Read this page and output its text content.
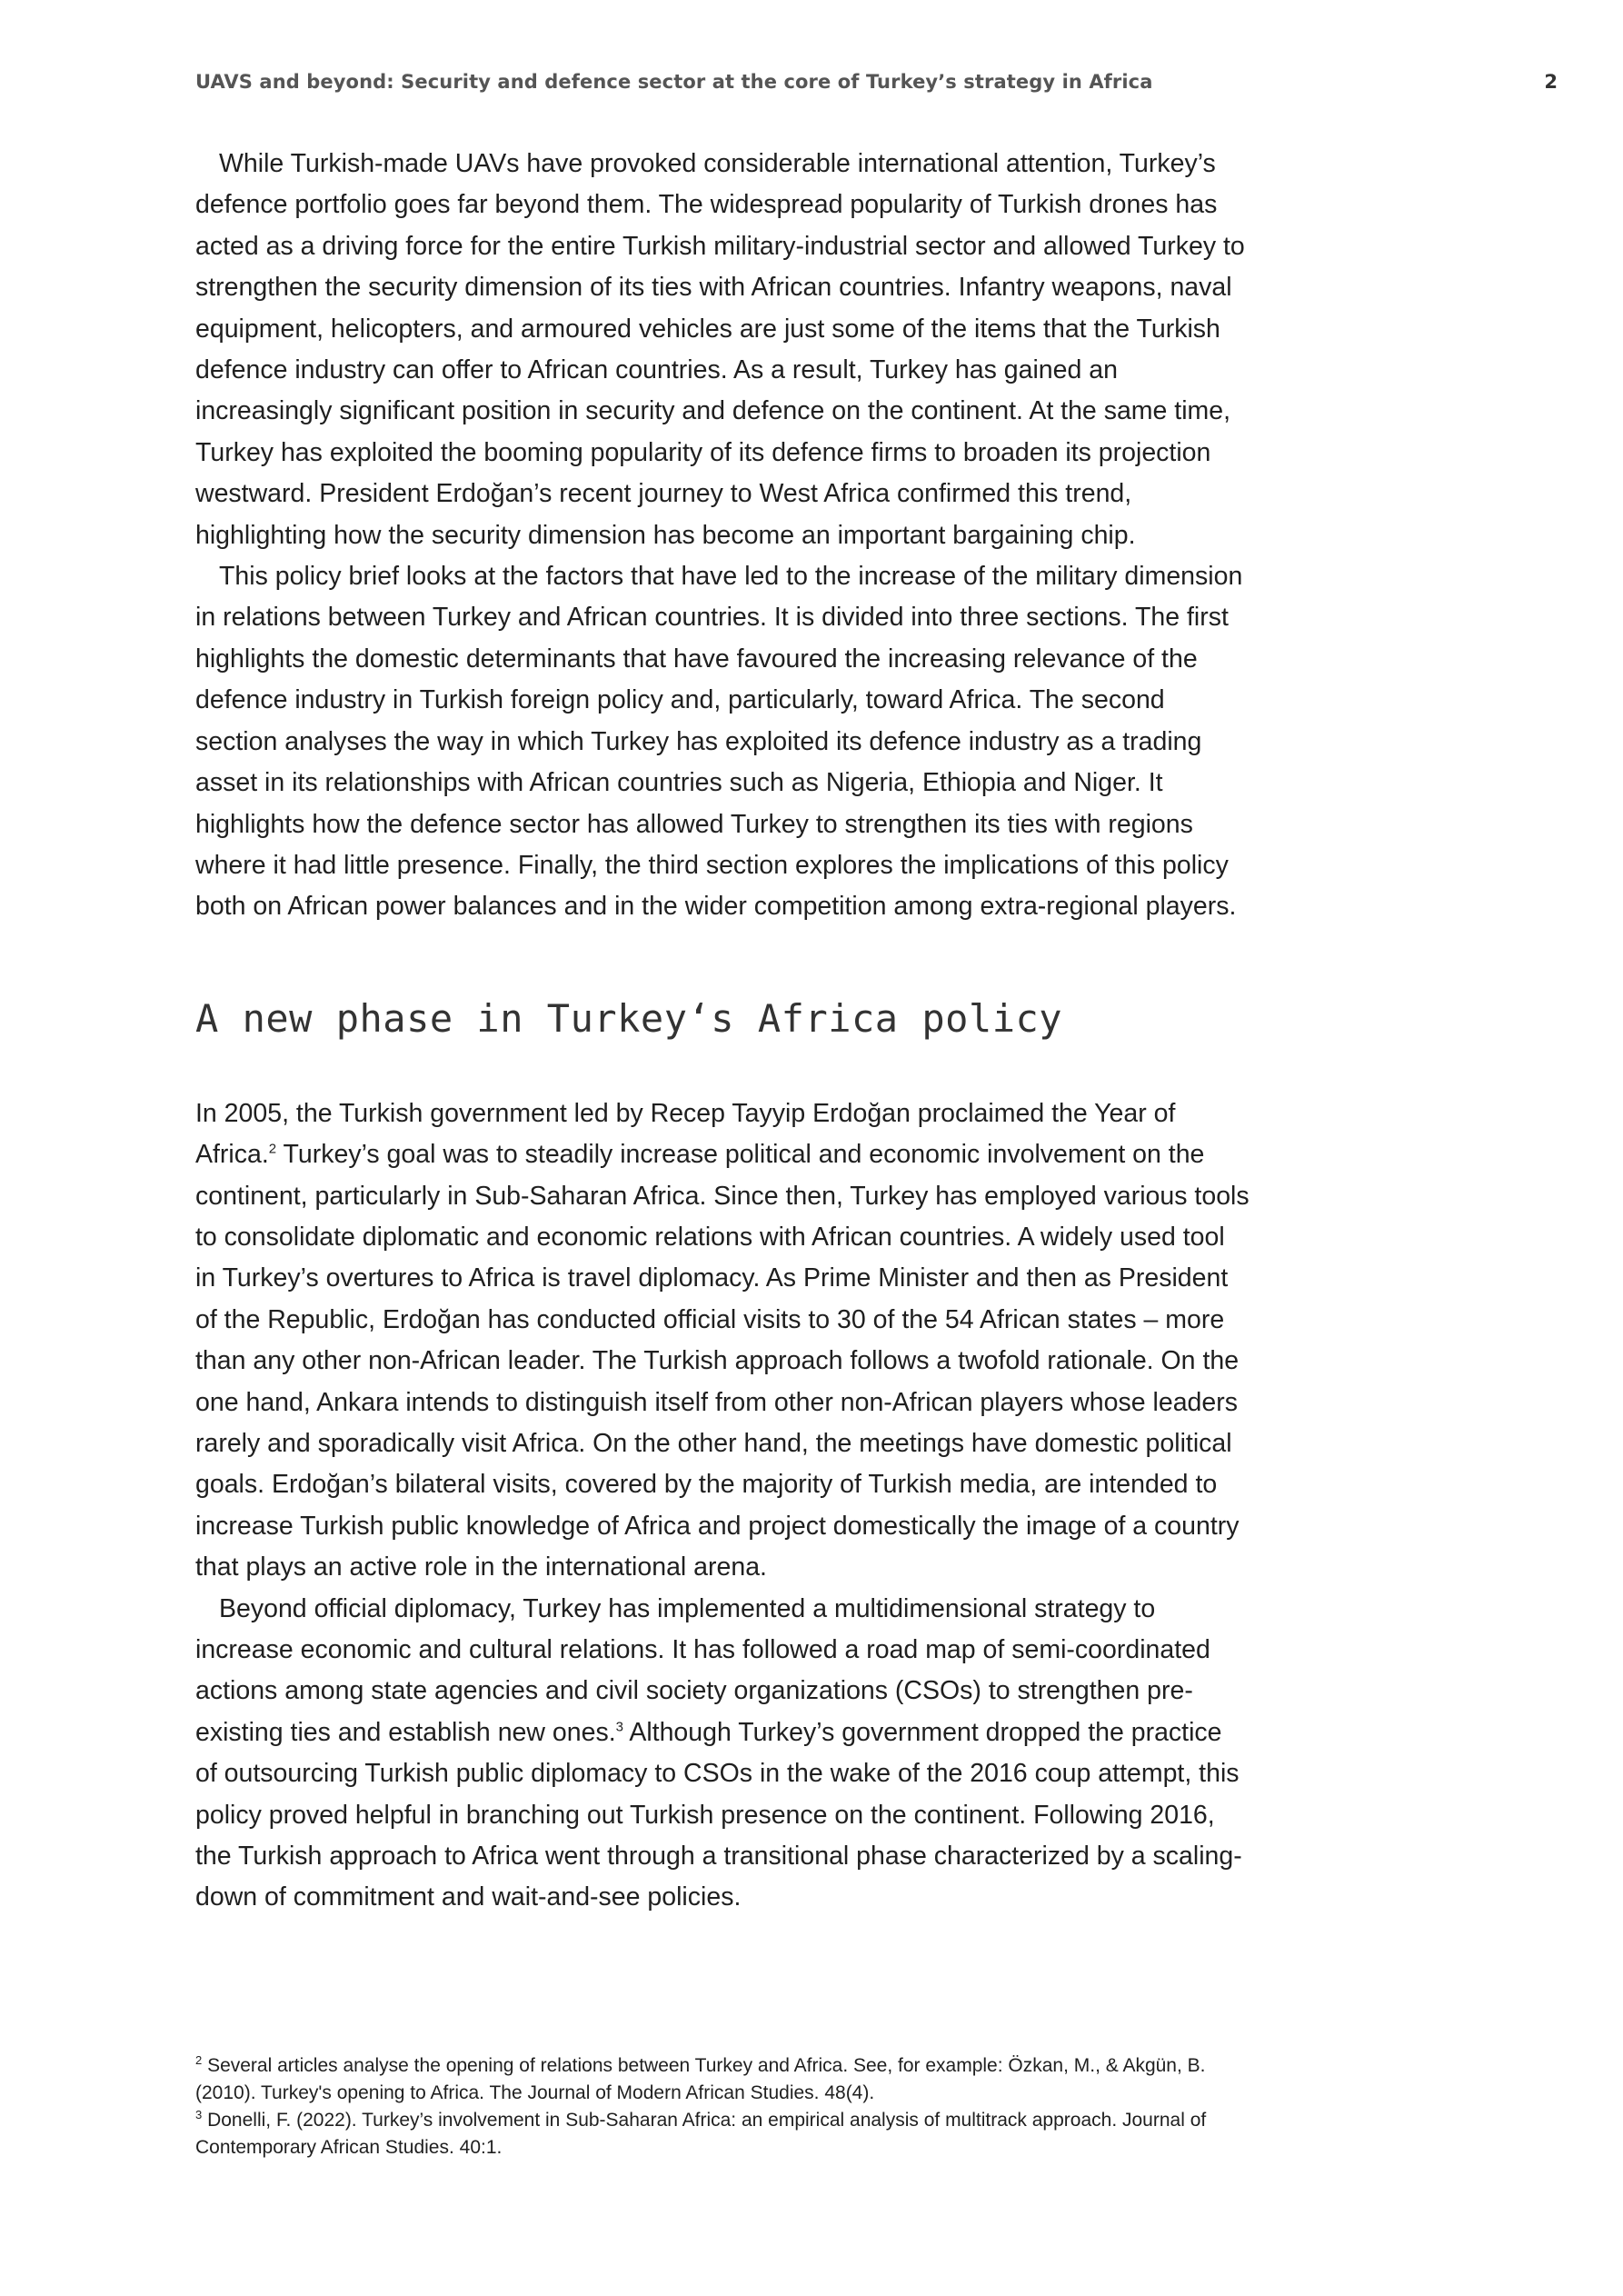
UAVS and beyond: Security and defence sector at the core of Turkey’s strategy in Africa	2

While Turkish-made UAVs have provoked considerable international attention, Turkey’s defence portfolio goes far beyond them. The widespread popularity of Turkish drones has acted as a driving force for the entire Turkish military-industrial sector and allowed Turkey to strengthen the security dimension of its ties with African countries. Infantry weapons, naval equipment, helicopters, and armoured vehicles are just some of the items that the Turkish defence industry can offer to African countries. As a result, Turkey has gained an increasingly significant position in security and defence on the continent. At the same time, Turkey has exploited the booming popularity of its defence firms to broaden its projection westward. President Erdoğan’s recent journey to West Africa confirmed this trend, highlighting how the security dimension has become an important bargaining chip.

This policy brief looks at the factors that have led to the increase of the military dimension in relations between Turkey and African countries. It is divided into three sections. The first highlights the domestic determinants that have favoured the increasing relevance of the defence industry in Turkish foreign policy and, particularly, toward Africa. The second section analyses the way in which Turkey has exploited its defence industry as a trading asset in its relationships with African countries such as Nigeria, Ethiopia and Niger. It highlights how the defence sector has allowed Turkey to strengthen its ties with regions where it had little presence. Finally, the third section explores the implications of this policy both on African power balances and in the wider competition among extra-regional players.

A new phase in Turkey‘s Africa policy

In 2005, the Turkish government led by Recep Tayyip Erdoğan proclaimed the Year of Africa.$^2$ Turkey’s goal was to steadily increase political and economic involvement on the continent, particularly in Sub-Saharan Africa. Since then, Turkey has employed various tools to consolidate diplomatic and economic relations with African countries. A widely used tool in Turkey’s overtures to Africa is travel diplomacy. As Prime Minister and then as President of the Republic, Erdoğan has conducted official visits to 30 of the 54 African states – more than any other non-African leader. The Turkish approach follows a twofold rationale. On the one hand, Ankara intends to distinguish itself from other non-African players whose leaders rarely and sporadically visit Africa. On the other hand, the meetings have domestic political goals. Erdoğan’s bilateral visits, covered by the majority of Turkish media, are intended to increase Turkish public knowledge of Africa and project domestically the image of a country that plays an active role in the international arena.

Beyond official diplomacy, Turkey has implemented a multidimensional strategy to increase economic and cultural relations. It has followed a road map of semi-coordinated actions among state agencies and civil society organizations (CSOs) to strengthen pre-existing ties and establish new ones.$^3$ Although Turkey’s government dropped the practice of outsourcing Turkish public diplomacy to CSOs in the wake of the 2016 coup attempt, this policy proved helpful in branching out Turkish presence on the continent. Following 2016, the Turkish approach to Africa went through a transitional phase characterized by a scaling-down of commitment and wait-and-see policies.

$^2$ Several articles analyse the opening of relations between Turkey and Africa. See, for example: Özkan, M., & Akgün, B. (2010). Turkey's opening to Africa. The Journal of Modern African Studies. 48(4).

$^3$ Donelli, F. (2022). Turkey’s involvement in Sub-Saharan Africa: an empirical analysis of multitrack approach. Journal of Contemporary African Studies. 40:1.
